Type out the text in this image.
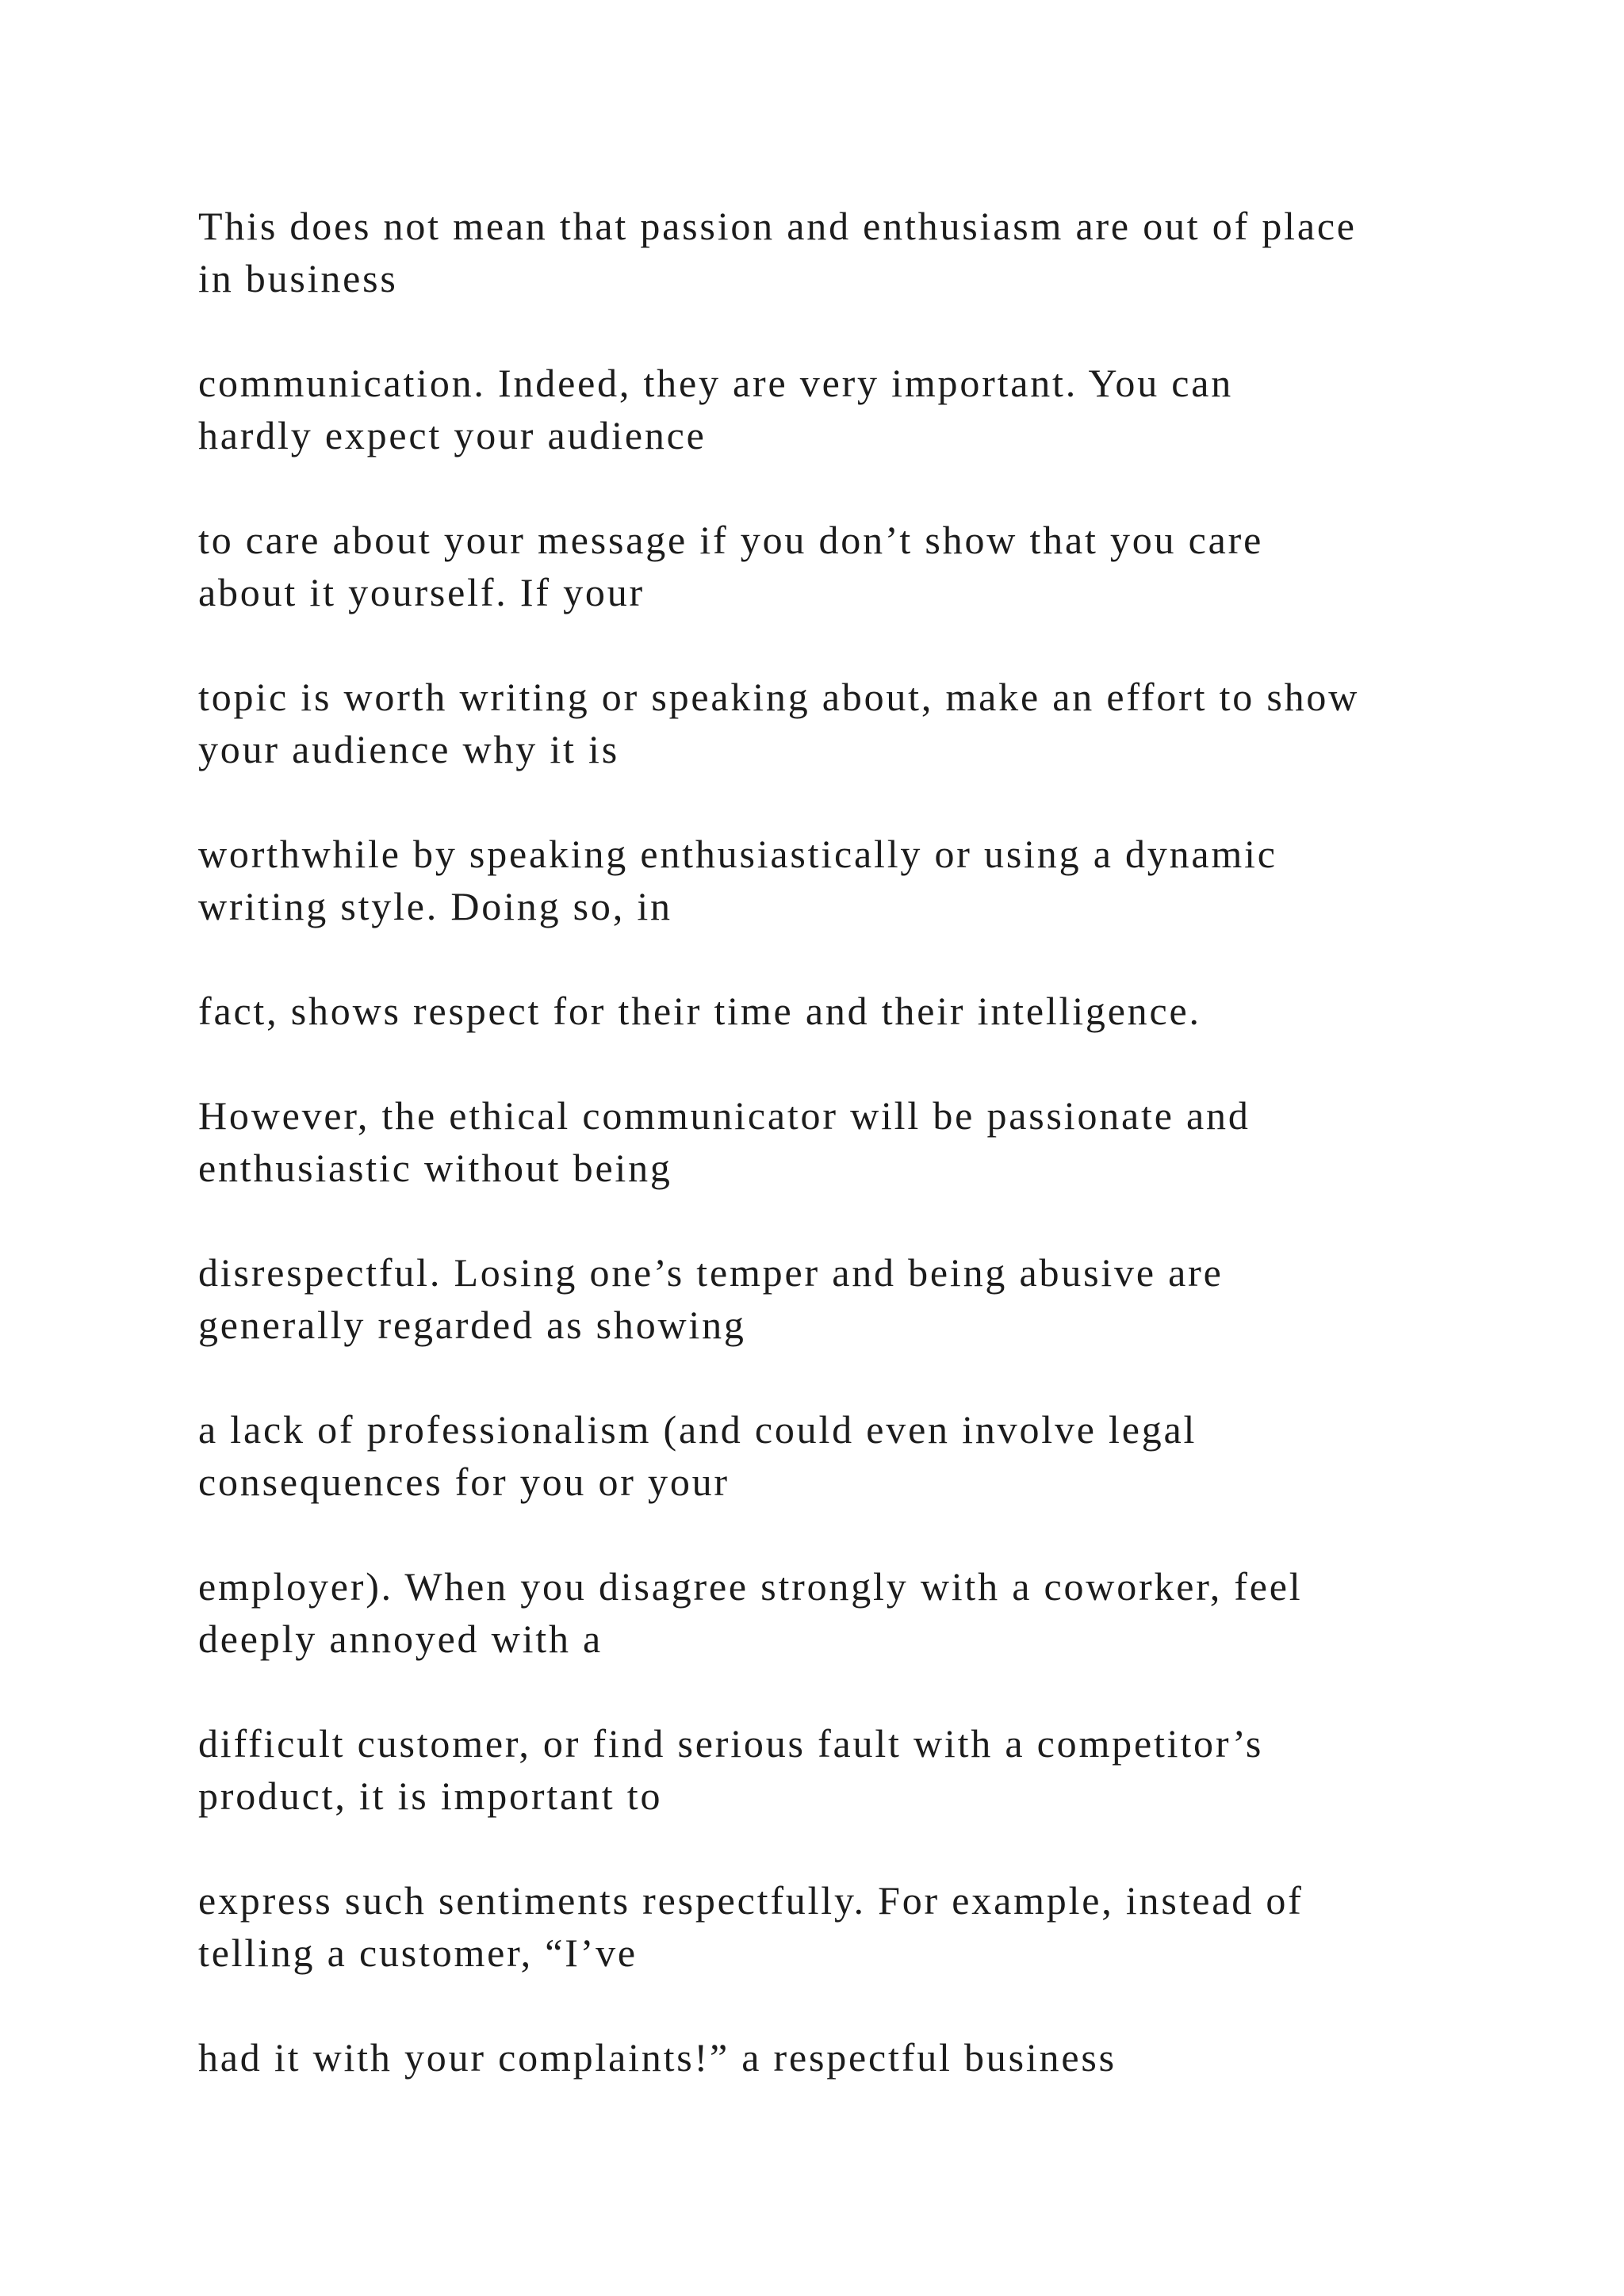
This does not mean that passion and enthusiasm are out of place
in business

communication. Indeed, they are very important. You can
hardly expect your audience

to care about your message if you don’t show that you care
about it yourself. If your

topic is worth writing or speaking about, make an effort to show
your audience why it is

worthwhile by speaking enthusiastically or using a dynamic
writing style. Doing so, in

fact, shows respect for their time and their intelligence.

However, the ethical communicator will be passionate and
enthusiastic without being

disrespectful. Losing one’s temper and being abusive are
generally regarded as showing

a lack of professionalism (and could even involve legal
consequences for you or your

employer). When you disagree strongly with a coworker, feel
deeply annoyed with a

difficult customer, or find serious fault with a competitor’s
product, it is important to

express such sentiments respectfully. For example, instead of
telling a customer, “I’ve

had it with your complaints!” a respectful business
